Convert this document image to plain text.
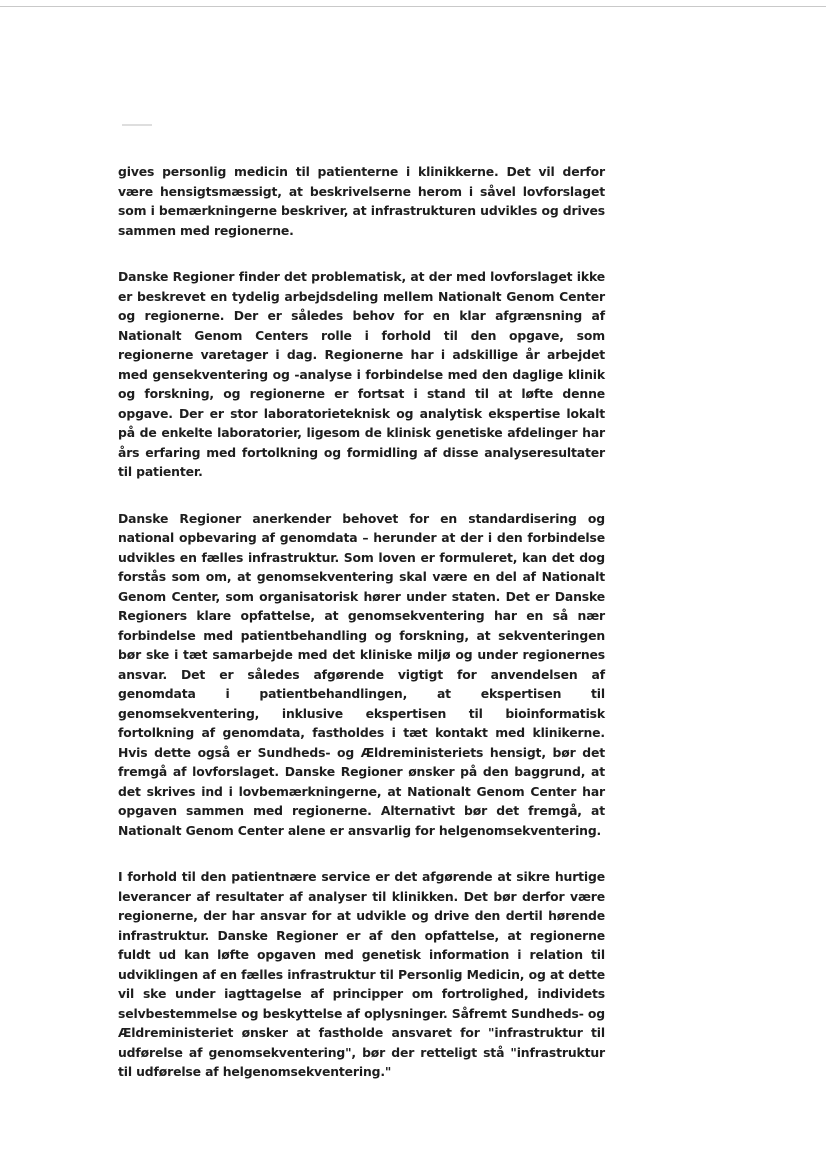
gives personlig medicin til patienterne i klinikkerne. Det vil derfor være hensigtsmæssigt, at beskrivelserne herom i såvel lovforslaget som i bemærkningerne beskriver, at infrastrukturen udvikles og drives sammen med regionerne.

Danske Regioner finder det problematisk, at der med lovforslaget ikke er beskrevet en tydelig arbejdsdeling mellem Nationalt Genom Center og regionerne. Der er således behov for en klar afgrænsning af Nationalt Genom Centers rolle i forhold til den opgave, som regionerne varetager i dag. Regionerne har i adskillige år arbejdet med gensekventering og -analyse i forbindelse med den daglige klinik og forskning, og regionerne er fortsat i stand til at løfte denne opgave. Der er stor laboratorieteknisk og analytisk ekspertise lokalt på de enkelte laboratorier, ligesom de klinisk genetiske afdelinger har års erfaring med fortolkning og formidling af disse analyseresultater til patienter.

Danske Regioner anerkender behovet for en standardisering og national opbevaring af genomdata – herunder at der i den forbindelse udvikles en fælles infrastruktur. Som loven er formuleret, kan det dog forstås som om, at genomsekventering skal være en del af Nationalt Genom Center, som organisatorisk hører under staten. Det er Danske Regioners klare opfattelse, at genomsekventering har en så nær forbindelse med patientbehandling og forskning, at sekventeringen bør ske i tæt samarbejde med det kliniske miljø og under regionernes ansvar. Det er således afgørende vigtigt for anvendelsen af genomdata i patientbehandlingen, at ekspertisen til genomsekventering, inklusive ekspertisen til bioinformatisk fortolkning af genomdata, fastholdes i tæt kontakt med klinikerne. Hvis dette også er Sundheds- og Ældreministeriets hensigt, bør det fremgå af lovforslaget. Danske Regioner ønsker på den baggrund, at det skrives ind i lovbemærkningerne, at Nationalt Genom Center har opgaven sammen med regionerne. Alternativt bør det fremgå, at Nationalt Genom Center alene er ansvarlig for helgenomsekventering.

I forhold til den patientnære service er det afgørende at sikre hurtige leverancer af resultater af analyser til klinikken. Det bør derfor være regionerne, der har ansvar for at udvikle og drive den dertil hørende infrastruktur. Danske Regioner er af den opfattelse, at regionerne fuldt ud kan løfte opgaven med genetisk information i relation til udviklingen af en fælles infrastruktur til Personlig Medicin, og at dette vil ske under iagttagelse af principper om fortrolighed, individets selvbestemmelse og beskyttelse af oplysninger. Såfremt Sundheds- og Ældreministeriet ønsker at fastholde ansvaret for "infrastruktur til udførelse af genomsekventering", bør der retteligt stå "infrastruktur til udførelse af helgenomsekventering."
